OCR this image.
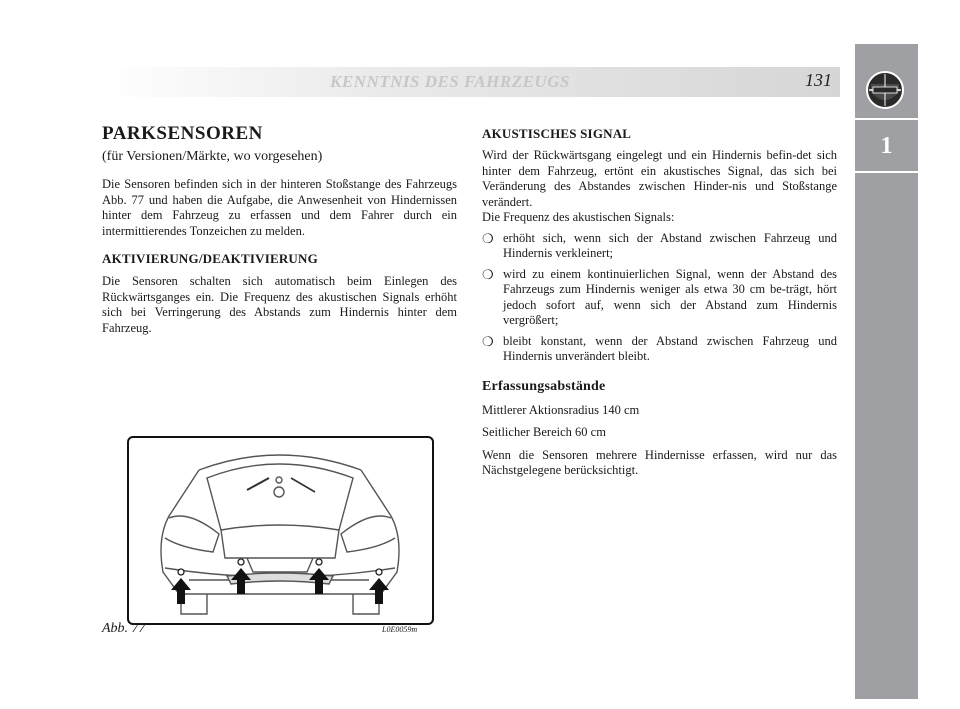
KENNTNIS DES FAHRZEUGS	131
1
PARKSENSOREN
(für Versionen/Märkte, wo vorgesehen)

Die Sensoren befinden sich in der hinteren Stoßstange des Fahrzeugs Abb. 77 und haben die Aufgabe, die Anwesenheit von Hindernissen hinter dem Fahrzeug zu erfassen und dem Fahrer durch ein intermittierendes Tonzeichen zu melden.

AKTIVIERUNG/DEAKTIVIERUNG

Die Sensoren schalten sich automatisch beim Einlegen des Rückwärtsganges ein. Die Frequenz des akustischen Signals erhöht sich bei Verringerung des Abstands zum Hindernis hinter dem Fahrzeug.

AKUSTISCHES SIGNAL

Wird der Rückwärtsgang eingelegt und ein Hindernis befin-det sich hinter dem Fahrzeug, ertönt ein akustisches Signal, das sich bei Veränderung des Abstandes zwischen Hinder-nis und Stoßstange verändert.

Die Frequenz des akustischen Signals:

❍ erhöht sich, wenn sich der Abstand zwischen Fahrzeug und Hindernis verkleinert;
❍ wird zu einem kontinuierlichen Signal, wenn der Abstand des Fahrzeugs zum Hindernis weniger als etwa 30 cm be-trägt, hört jedoch sofort auf, wenn sich der Abstand zum Hindernis vergrößert;
❍ bleibt konstant, wenn der Abstand zwischen Fahrzeug und Hindernis unverändert bleibt.
Erfassungsabstände

Mittlerer Aktionsradius 140 cm

Seitlicher Bereich 60 cm

Wenn die Sensoren mehrere Hindernisse erfassen, wird nur das Nächstgelegene berücksichtigt.

Abb. 77	L0E0059m
